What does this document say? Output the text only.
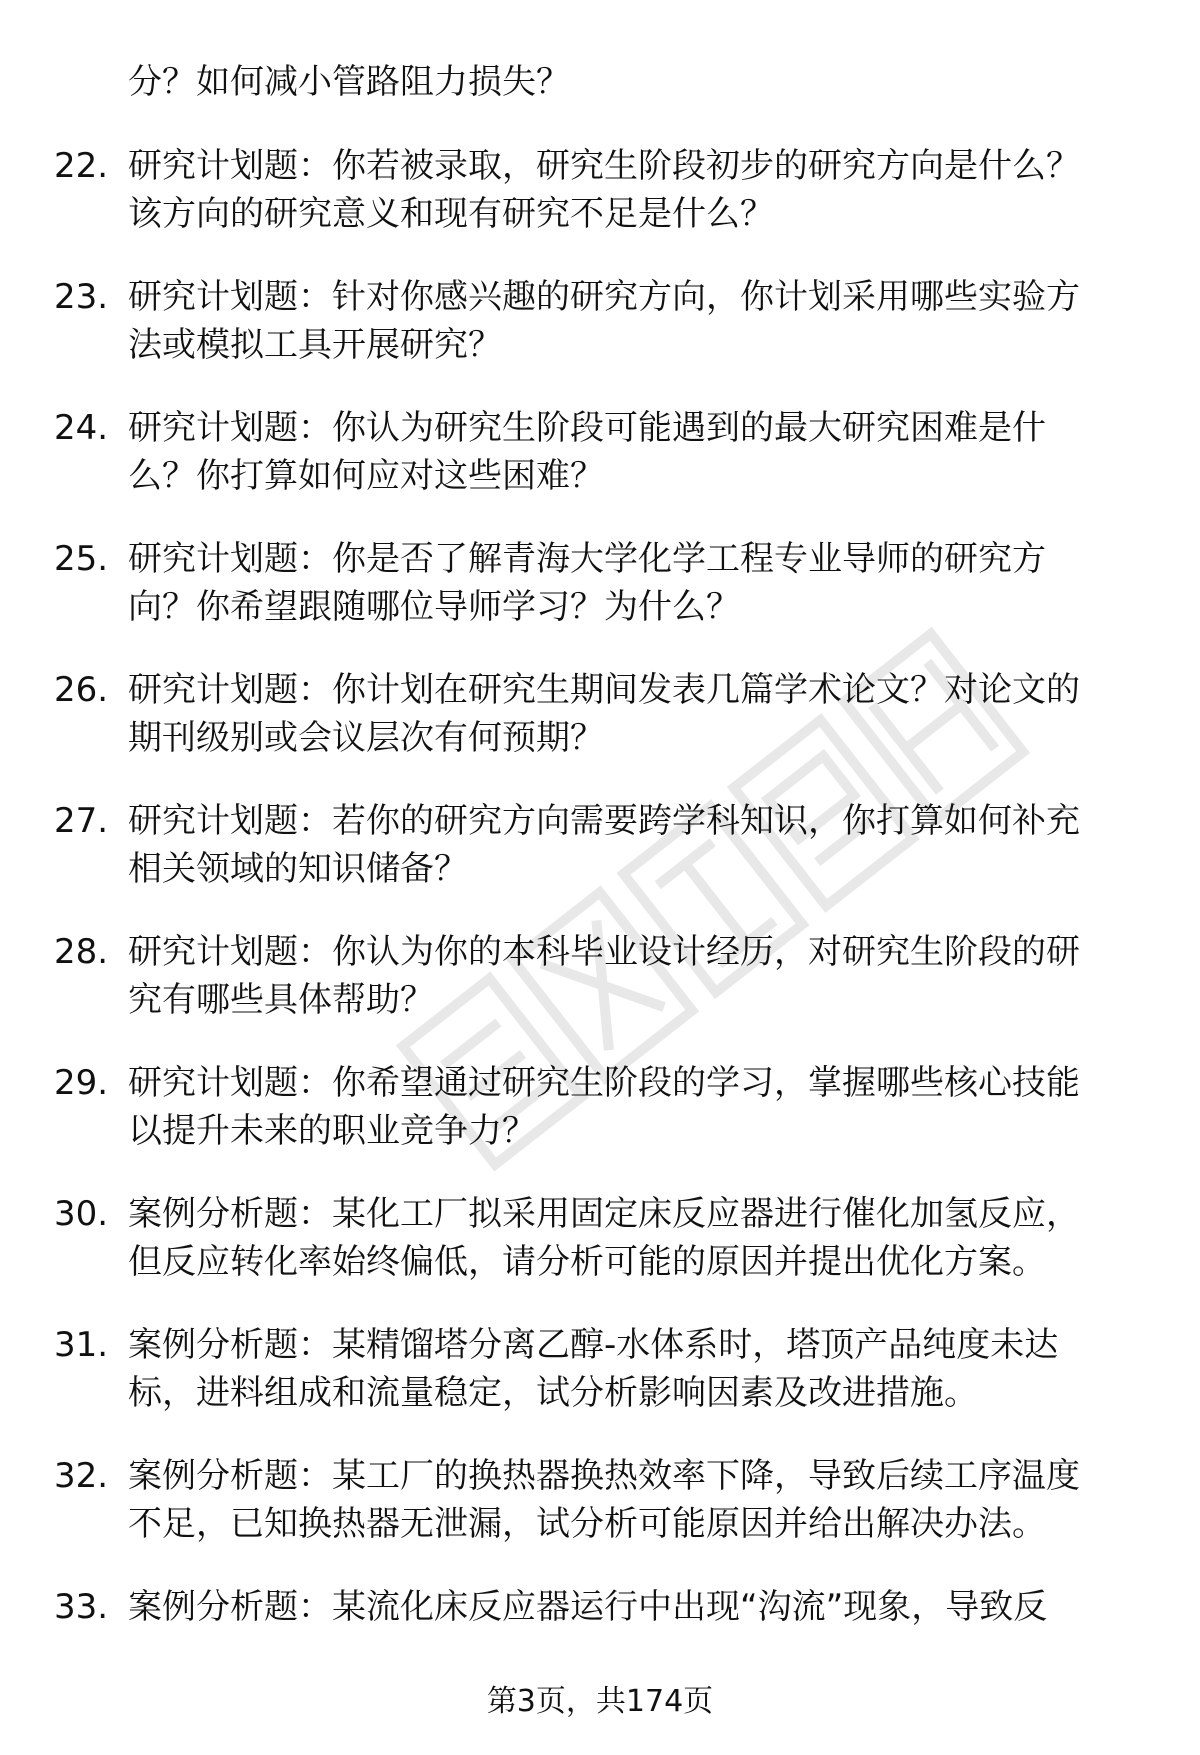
分？如何减小管路阻力损失？

22. 研究计划题：你若被录取，研究生阶段初步的研究方向是什么？
该方向的研究意义和现有研究不足是什么？

23. 研究计划题：针对你感兴趣的研究方向，你计划采用哪些实验方
法或模拟工具开展研究？

24. 研究计划题：你认为研究生阶段可能遇到的最大研究困难是什
么？你打算如何应对这些困难？

25. 研究计划题：你是否了解青海大学化学工程专业导师的研究方
向？你希望跟随哪位导师学习？为什么？

26. 研究计划题：你计划在研究生期间发表几篇学术论文？对论文的
期刊级别或会议层次有何预期？

27. 研究计划题：若你的研究方向需要跨学科知识，你打算如何补充
相关领域的知识储备？

28. 研究计划题：你认为你的本科毕业设计经历，对研究生阶段的研
究有哪些具体帮助？

29. 研究计划题：你希望通过研究生阶段的学习，掌握哪些核心技能
以提升未来的职业竞争力？

30. 案例分析题：某化工厂拟采用固定床反应器进行催化加氢反应，
但反应转化率始终偏低，请分析可能的原因并提出优化方案。

31. 案例分析题：某精馏塔分离乙醇-水体系时，塔顶产品纯度未达
标，进料组成和流量稳定，试分析影响因素及改进措施。

32. 案例分析题：某工厂的换热器换热效率下降，导致后续工序温度
不足，已知换热器无泄漏，试分析可能原因并给出解决办法。

33. 案例分析题：某流化床反应器运行中出现“沟流”现象，导致反

第3页，共174页
